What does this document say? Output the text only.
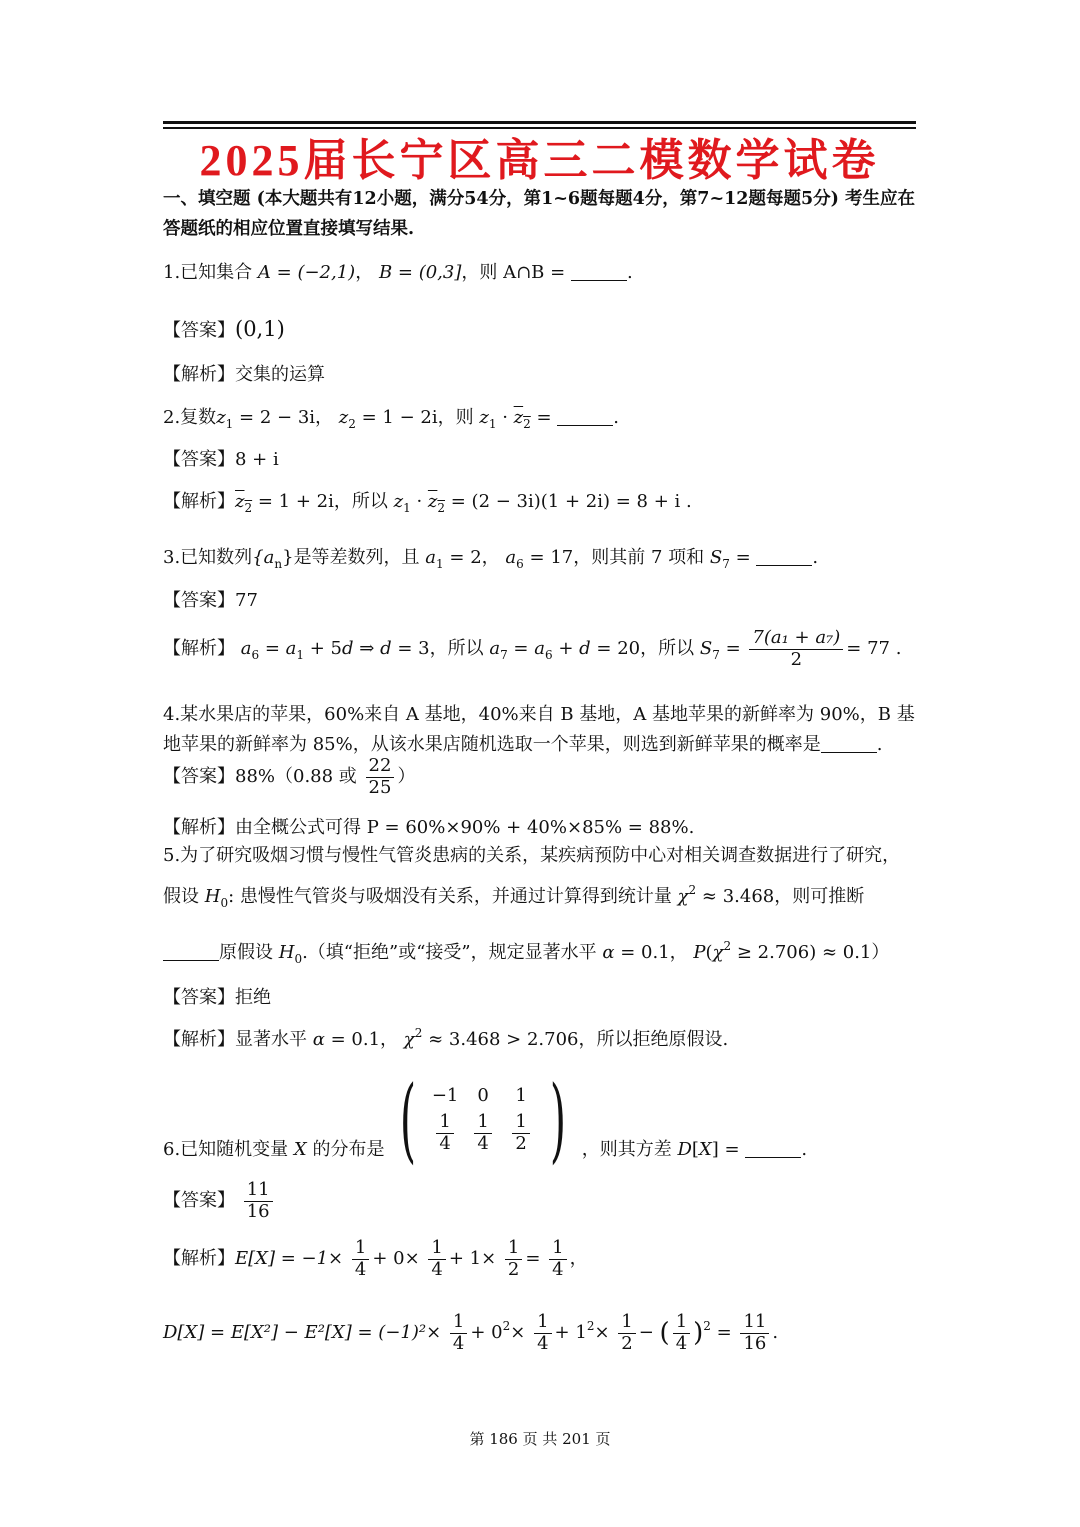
2025届长宁区高三二模数学试卷
一、填空题 (本大题共有12小题，满分54分，第1~6题每题4分，第7~12题每题5分) 考生应在答题纸的相应位置直接填写结果.
1.已知集合 A = (−2,1)， B = (0,3]，则 A∩B =	.
【答案】(0,1)
【解析】交集的运算
2.复数$z_1 = 2 - 3i$， $z_2 = 1 - 2i$，则 $z_1 \cdot z_2$ =	.
【答案】8 + i
【解析】$z_2 = 1 + 2i$，所以 $z_1 \cdot z_2 = (2 - 3i)(1 + 2i) = 8 + i$ .
3.已知数列$\{a_n\}$是等差数列，且 $a_1 = 2$， $a_6 = 17$，则其前 7 项和 $S_7$ =	.
【答案】77
【解析】 $a_6 = a_1 + 5d$ ⇒ d = 3，所以 $a_7 = a_6 + d = 20$，所以 $S_7 = \frac{\text{7(a₁ + a₇)}}{2} = 77$ .
4.某水果店的苹果，60%来自 A 基地，40%来自 B 基地，A 基地苹果的新鲜率为 90%，B 基
地苹果的新鲜率为 85%，从该水果店随机选取一个苹果，则选到新鲜苹果的概率是	.
【答案】88%（0.88 或 $\frac{22}{25}$ ）
【解析】由全概公式可得 P = 60%×90% + 40%×85% = 88%.
5.为了研究吸烟习惯与慢性气管炎患病的关系，某疾病预防中心对相关调查数据进行了研究，
假设 $H_0$: 患慢性气管炎与吸烟没有关系，并通过计算得到统计量 $\chi^2 \approx 3.468$，则可推断
原假设 $H_0$.（填“拒绝”或“接受”，规定显著水平 α = 0.1， $P(\chi^2 \ge 2.706) \approx 0.1$）
【答案】拒绝
【解析】显著水平 α = 0.1， $\chi^2 \approx 3.468 > 2.706$，所以拒绝原假设.
6.已知随机变量 X 的分布是 ( −1	0	1
$\frac{1}{4} \frac{1}{4} \frac{1}{2}$ ) ，则其方差 D[X] =	.
【答案】 $\frac{11}{16}$
【解析】$E[X] = -1\times \frac{1}{4} + 0\times \frac{1}{4} + 1\times \frac{1}{2} = \frac{1}{4}$ ，
$D[X] = E[X^2] - E^2[X] = (-1)^2\times \frac{1}{4} + 0^2\times \frac{1}{4} + 1^2\times \frac{1}{2}$ − ( $\frac{1}{4} )^2 = \frac{11}{16}$ .
第 186 页 共 201 页
